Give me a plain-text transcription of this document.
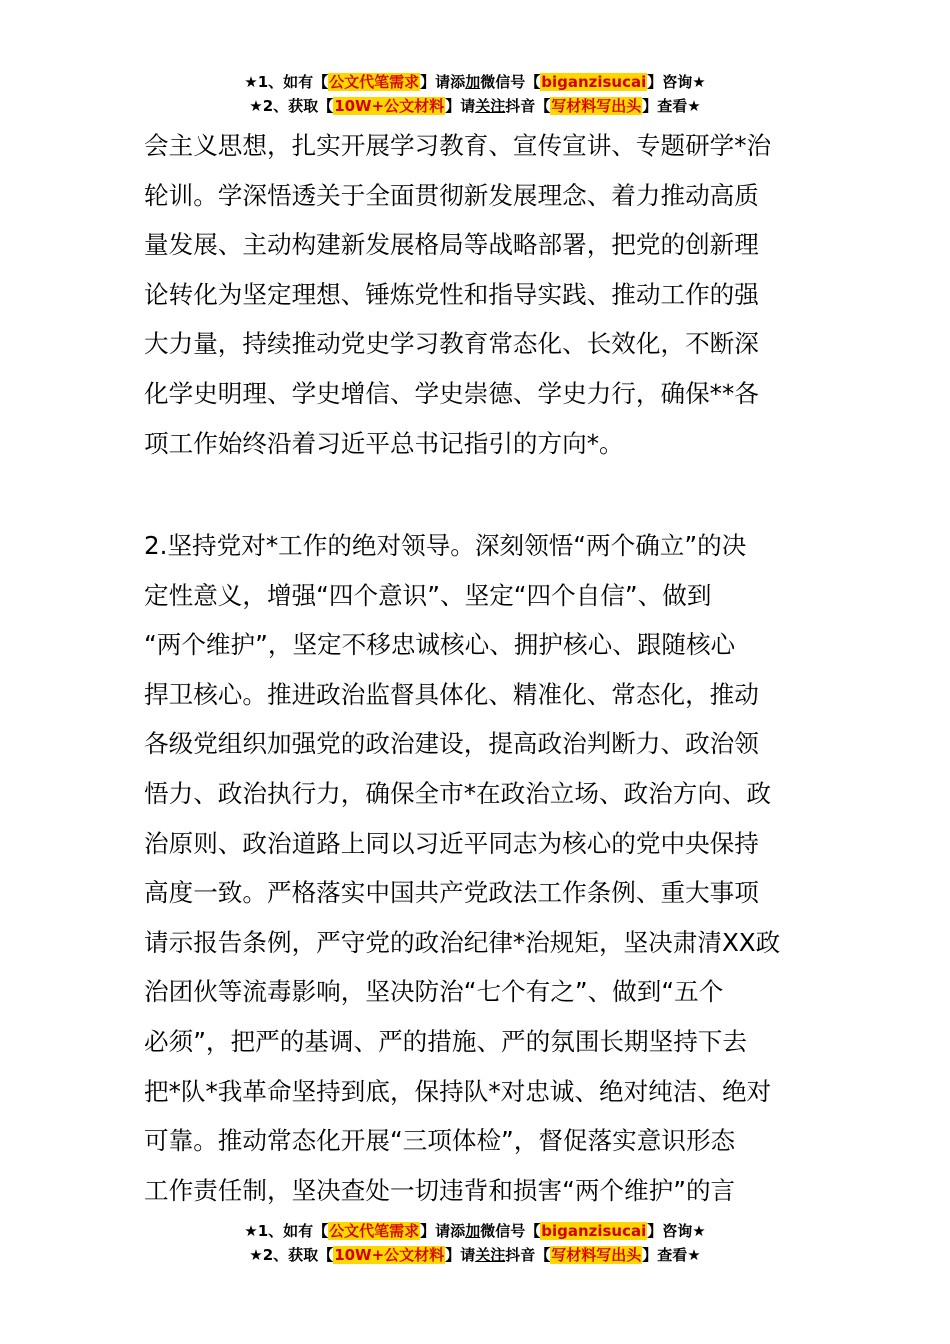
★1、如有【公文代笔需求】请添加微信号【biganzisucai】咨询★
★2、获取【10W+公文材料】请关注抖音【写材料写出头】查看★
会主义思想，扎实开展学习教育、宣传宣讲、专题研学*治
轮训。学深悟透关于全面贯彻新发展理念、着力推动高质
量发展、主动构建新发展格局等战略部署，把党的创新理
论转化为坚定理想、锤炼党性和指导实践、推动工作的强
大力量，持续推动党史学习教育常态化、长效化，不断深
化学史明理、学史增信、学史崇德、学史力行，确保**各
项工作始终沿着习近平总书记指引的方向*。
2.坚持党对*工作的绝对领导。深刻领悟“两个确立”的决
定性意义，增强“四个意识”、坚定“四个自信”、做到
“两个维护”，坚定不移忠诚核心、拥护核心、跟随核心
捍卫核心。推进政治监督具体化、精准化、常态化，推动
各级党组织加强党的政治建设，提高政治判断力、政治领
悟力、政治执行力，确保全市*在政治立场、政治方向、政
治原则、政治道路上同以习近平同志为核心的党中央保持
高度一致。严格落实中国共产党政法工作条例、重大事项
请示报告条例，严守党的政治纪律*治规矩，坚决肃清XX政
治团伙等流毒影响，坚决防治“七个有之”、做到“五个
必须”，把严的基调、严的措施、严的氛围长期坚持下去
把*队*我革命坚持到底，保持队*对忠诚、绝对纯洁、绝对
可靠。推动常态化开展“三项体检”，督促落实意识形态
工作责任制，坚决查处一切违背和损害“两个维护”的言
★1、如有【公文代笔需求】请添加微信号【biganzisucai】咨询★
★2、获取【10W+公文材料】请关注抖音【写材料写出头】查看★
